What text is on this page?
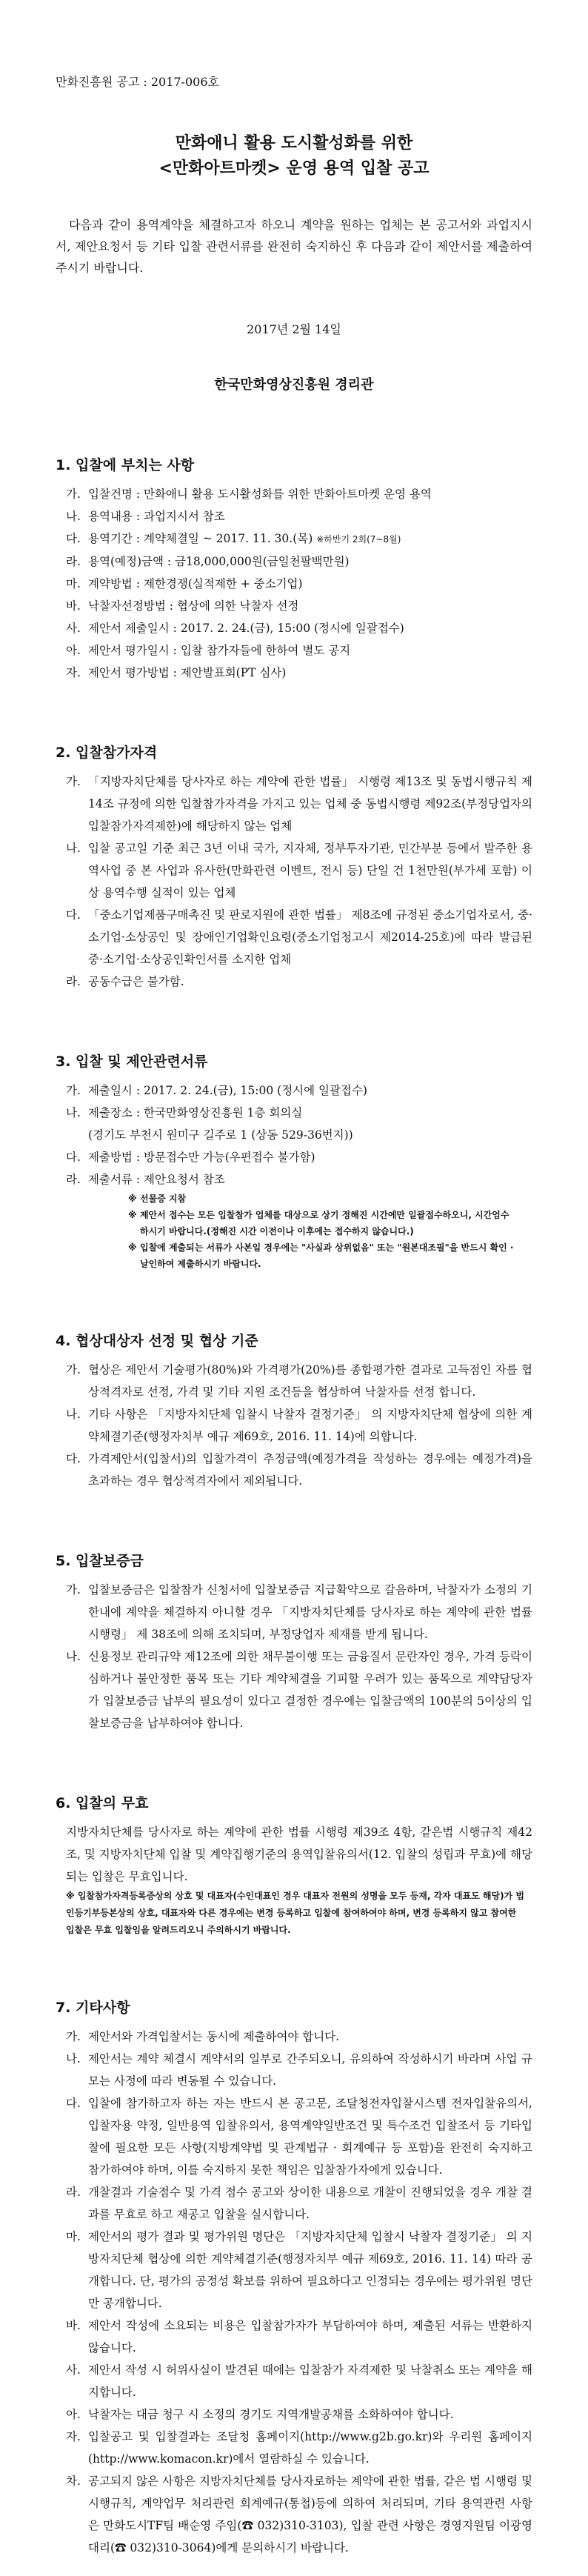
만화진흥원 공고 : 2017-006호
만화애니 활용 도시활성화를 위한
<만화아트마켓> 운영 용역 입찰 공고
다음과 같이 용역계약을 체결하고자 하오니 계약을 원하는 업체는 본 공고서와 과업지시서, 제안요청서 등 기타 입찰 관련서류를 완전히 숙지하신 후 다음과 같이 제안서를 제출하여 주시기 바랍니다.
2017년 2월 14일
한국만화영상진흥원 경리관
1. 입찰에 부치는 사항
가. 입찰건명 : 만화애니 활용 도시활성화를 위한 만화아트마켓 운영 용역
나. 용역내용 : 과업지시서 참조
다. 용역기간 : 계약체결일 ~ 2017. 11. 30.(목) ※하반기 2회(7~8월)
라. 용역(예정)금액 : 금18,000,000원(금일천팔백만원)
마. 계약방법 : 제한경쟁(실적제한 + 중소기업)
바. 낙찰자선정방법 : 협상에 의한 낙찰자 선정
사. 제안서 제출일시 : 2017. 2. 24.(금), 15:00 (정시에 일괄접수)
아. 제안서 평가일시 : 입찰 참가자들에 한하여 별도 공지
자. 제안서 평가방법 : 제안발표회(PT 심사)
2. 입찰참가자격
가. 「지방자치단체를 당사자로 하는 계약에 관한 법률」 시행령 제13조 및 동법시행규칙 제14조 규정에 의한 입찰참가자격을 가지고 있는 업체 중 동법시행령 제92조(부정당업자의 입찰참가자격제한)에 해당하지 않는 업체
나. 입찰 공고일 기준 최근 3년 이내 국가, 지자체, 정부투자기관, 민간부분 등에서 발주한 용역사업 중 본 사업과 유사한(만화관련 이벤트, 전시 등) 단일 건 1천만원(부가세 포함) 이상 용역수행 실적이 있는 업체
다. 「중소기업제품구매촉진 및 판로지원에 관한 법률」 제8조에 규정된 중소기업자로서, 중·소기업·소상공인 및 장애인기업확인요령(중소기업청고시 제2014-25호)에 따라 발급된 중·소기업·소상공인확인서를 소지한 업체
라. 공동수급은 불가함.
3. 입찰 및 제안관련서류
가. 제출일시 : 2017. 2. 24.(금), 15:00 (정시에 일괄접수)
나. 제출장소 : 한국만화영상진흥원 1층 회의실
(경기도 부천시 원미구 길주로 1 (상동 529-36번지))
다. 제출방법 : 방문접수만 가능(우편접수 불가함)
라. 제출서류 : 제안요청서 참조
※ 선물증 지참
※ 제안서 접수는 모든 입찰참가 업체를 대상으로 상기 정해진 시간에만 일괄접수하오니, 시간엄수 하시기 바랍니다.(정해진 시간 이전이나 이후에는 접수하지 않습니다.)
※ 입찰에 제출되는 서류가 사본일 경우에는 "사실과 상위없음" 또는 "원본대조필"을 반드시 확인 · 날인하여 제출하시기 바랍니다.
4. 협상대상자 선정 및 협상 기준
가. 협상은 제안서 기술평가(80%)와 가격평가(20%)를 종합평가한 결과로 고득점인 자를 협상적격자로 선정, 가격 및 기타 지원 조건등을 협상하여 낙찰자를 선정 합니다.
나. 기타 사항은 「지방자치단체 입찰시 낙찰자 결정기준」 의 지방자치단체 협상에 의한 계약체결기준(행정자치부 예규 제69호, 2016. 11. 14)에 의합니다.
다. 가격제안서(입찰서)의 입찰가격이 추정금액(예정가격을 작성하는 경우에는 예정가격)을 초과하는 경우 협상적격자에서 제외됩니다.
5. 입찰보증금
가. 입찰보증금은 입찰참가 신청서에 입찰보증금 지급확약으로 갈음하며, 낙찰자가 소정의 기한내에 계약을 체결하지 아니할 경우 「지방자치단체를 당사자로 하는 계약에 관한 법률 시행령」 제 38조에 의해 조치되며, 부정당업자 제재를 받게 됩니다.
나. 신용정보 관리규약 제12조에 의한 채무불이행 또는 금융질서 문란자인 경우, 가격 등락이 심하거나 불안정한 품목 또는 기타 계약체결을 기피할 우려가 있는 품목으로 계약담당자가 입찰보증금 납부의 필요성이 있다고 결정한 경우에는 입찰금액의 100분의 5이상의 입찰보증금을 납부하여야 합니다.
6. 입찰의 무효
지방자치단체를 당사자로 하는 계약에 관한 법률 시행령 제39조 4항, 같은법 시행규칙 제42조, 및 지방자치단체 입찰 및 계약집행기준의 용역입찰유의서(12. 입찰의 성립과 무효)에 해당되는 입찰은 무효입니다.
※ 입찰참가자격등록증상의 상호 및 대표자(수인대표인 경우 대표자 전원의 성명을 모두 등재, 각자 대표도 해당)가 법인등기부등본상의 상호, 대표자와 다른 경우에는 변경 등록하고 입찰에 참여하여야 하며, 변경 등록하지 않고 참여한 입찰은 무효 입찰임을 알려드리오니 주의하시기 바랍니다.
7. 기타사항
가. 제안서와 가격입찰서는 동시에 제출하여야 합니다.
나. 제안서는 계약 체결시 계약서의 일부로 간주되오니, 유의하여 작성하시기 바라며 사업 규모는 사정에 따라 변동될 수 있습니다.
다. 입찰에 참가하고자 하는 자는 반드시 본 공고문, 조달청전자입찰시스템 전자입찰유의서, 입찰자용 약정, 일반용역 입찰유의서, 용역계약일반조건 및 특수조건 입찰조서 등 기타입찰에 필요한 모든 사항(지방계약법 및 관계법규 · 회계예규 등 포함)을 완전히 숙지하고 참가하여야 하며, 이를 숙지하지 못한 책임은 입찰참가자에게 있습니다.
라. 개찰결과 기술점수 및 가격 점수 공고와 상이한 내용으로 개찰이 진행되었을 경우 개찰 결과를 무효로 하고 재공고 입찰을 실시합니다.
마. 제안서의 평가 결과 및 평가위원 명단은 「지방자치단체 입찰시 낙찰자 결정기준」 의 지방자치단체 협상에 의한 계약체결기준(행정자치부 예규 제69호, 2016. 11. 14) 따라 공개합니다. 단, 평가의 공정성 확보를 위하여 필요하다고 인정되는 경우에는 평가위원 명단만 공개합니다.
바. 제안서 작성에 소요되는 비용은 입찰참가자가 부담하여야 하며, 제출된 서류는 반환하지 않습니다.
사. 제안서 작성 시 허위사실이 발견된 때에는 입찰참가 자격제한 및 낙찰취소 또는 계약을 해지합니다.
아. 낙찰자는 대금 청구 시 소정의 경기도 지역개발공채를 소화하여야 합니다.
자. 입찰공고 및 입찰결과는 조달청 홈페이지(http://www.g2b.go.kr)와 우리원 홈페이지(http://www.komacon.kr)에서 열람하실 수 있습니다.
차. 공고되지 않은 사항은 지방자치단체를 당사자로하는 계약에 관한 법률, 같은 법 시행령 및 시행규칙, 계약업무 처리관련 회계예규(통첩)등에 의하여 처리되며, 기타 용역관련 사항은 만화도시TF팀 배순영 주임(☎ 032)310-3103), 입찰 관련 사항은 경영지원팀 이광영 대리(☎ 032)310-3064)에게 문의하시기 바랍니다.
